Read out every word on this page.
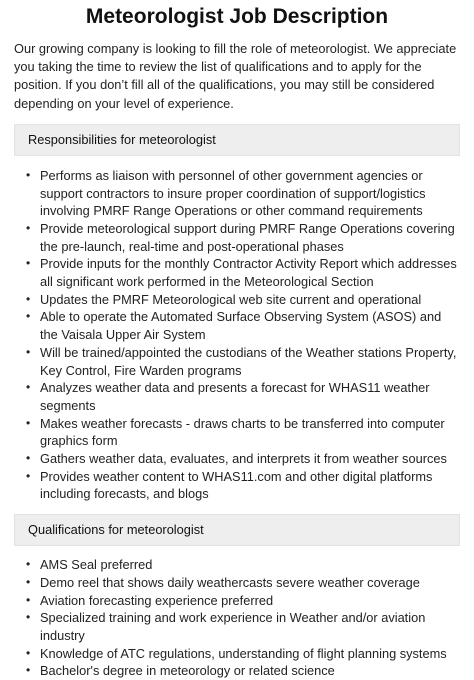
Meteorologist Job Description

Our growing company is looking to fill the role of meteorologist. We appreciate you taking the time to review the list of qualifications and to apply for the position. If you don’t fill all of the qualifications, you may still be considered depending on your level of experience.

Responsibilities for meteorologist
• Performs as liaison with personnel of other government agencies or support contractors to insure proper coordination of support/logistics involving PMRF Range Operations or other command requirements
• Provide meteorological support during PMRF Range Operations covering the pre-launch, real-time and post-operational phases
• Provide inputs for the monthly Contractor Activity Report which addresses all significant work performed in the Meteorological Section
• Updates the PMRF Meteorological web site current and operational
• Able to operate the Automated Surface Observing System (ASOS) and the Vaisala Upper Air System
• Will be trained/appointed the custodians of the Weather stations Property, Key Control, Fire Warden programs
• Analyzes weather data and presents a forecast for WHAS11 weather segments
• Makes weather forecasts - draws charts to be transferred into computer graphics form
• Gathers weather data, evaluates, and interprets it from weather sources
• Provides weather content to WHAS11.com and other digital platforms including forecasts, and blogs
Qualifications for meteorologist
• AMS Seal preferred
• Demo reel that shows daily weathercasts severe weather coverage
• Aviation forecasting experience preferred
• Specialized training and work experience in Weather and/or aviation industry
• Knowledge of ATC regulations, understanding of flight planning systems
• Bachelor's degree in meteorology or related science
